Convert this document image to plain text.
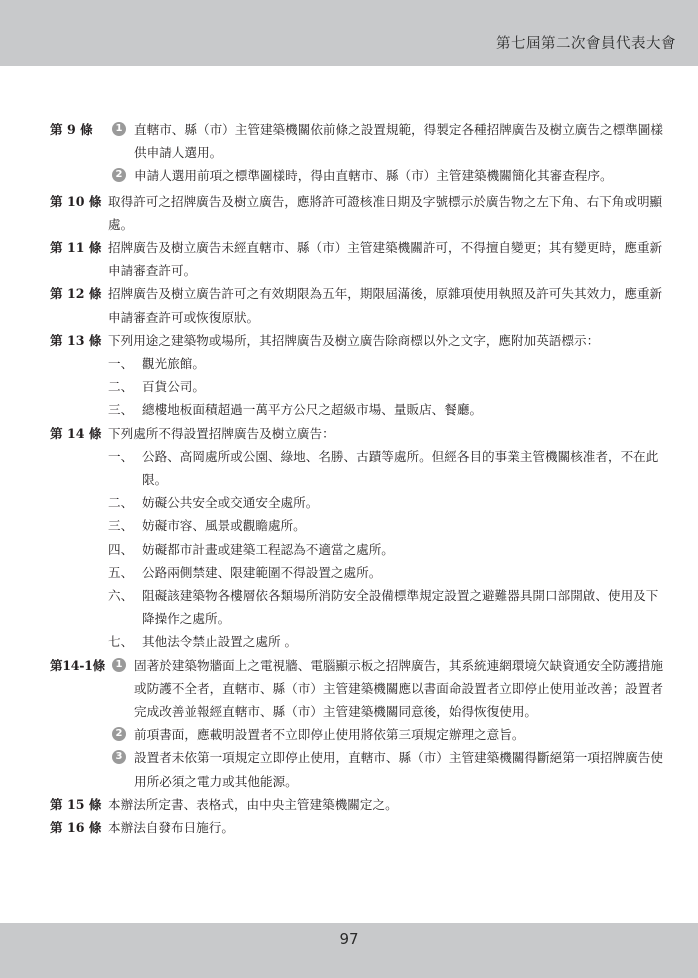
第七屆第二次會員代表大會
第 9 條	1 直轄市、縣（市）主管建築機關依前條之設置規範，得製定各種招牌廣告及樹立廣告之標準圖樣供申請人選用。
2 申請人選用前項之標準圖樣時，得由直轄市、縣（市）主管建築機關簡化其審查程序。
第 10 條 取得許可之招牌廣告及樹立廣告，應將許可證核准日期及字號標示於廣告物之左下角、右下角或明顯處。
第 11 條 招牌廣告及樹立廣告未經直轄市、縣（市）主管建築機關許可，不得擅自變更；其有變更時，應重新申請審查許可。
第 12 條 招牌廣告及樹立廣告許可之有效期限為五年，期限屆滿後，原雜項使用執照及許可失其效力，應重新申請審查許可或恢復原狀。
第 13 條 下列用途之建築物或場所，其招牌廣告及樹立廣告除商標以外之文字，應附加英語標示：
一、 觀光旅館。
二、 百貨公司。
三、 總樓地板面積超過一萬平方公尺之超級市場、量販店、餐廳。
第 14 條 下列處所不得設置招牌廣告及樹立廣告：
一、 公路、高岡處所或公園、綠地、名勝、古蹟等處所。但經各目的事業主管機關核准者，不在此限。
二、 妨礙公共安全或交通安全處所。
三、 妨礙市容、風景或觀瞻處所。
四、 妨礙都市計畫或建築工程認為不適當之處所。
五、 公路兩側禁建、限建範圍不得設置之處所。
六、 阻礙該建築物各樓層依各類場所消防安全設備標準規定設置之避難器具開口部開啟、使用及下降操作之處所。
七、 其他法令禁止設置之處所 。
第14-1條	1 固著於建築物牆面上之電視牆、電腦顯示板之招牌廣告，其系統連網環境欠缺資通安全防護措施或防護不全者，直轄市、縣（市）主管建築機關應以書面命設置者立即停止使用並改善；設置者完成改善並報經直轄市、縣（市）主管建築機關同意後，始得恢復使用。
2 前項書面，應載明設置者不立即停止使用將依第三項規定辦理之意旨。
3 設置者未依第一項規定立即停止使用，直轄市、縣（市）主管建築機關得斷絕第一項招牌廣告使用所必須之電力或其他能源。
第 15 條 本辦法所定書、表格式，由中央主管建築機關定之。
第 16 條 本辦法自發布日施行。
97
